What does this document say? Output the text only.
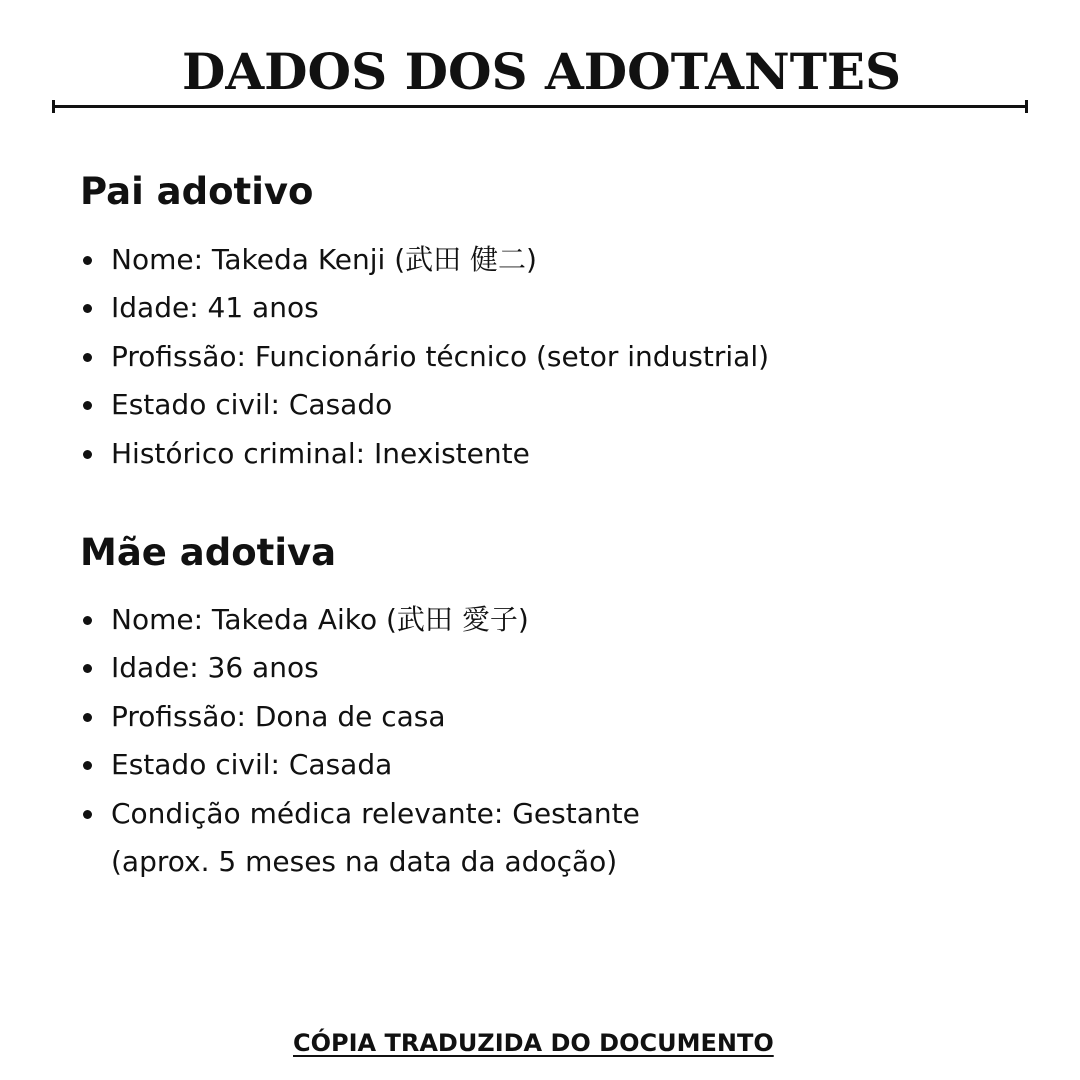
DADOS DOS ADOTANTES
Pai adotivo
Nome: Takeda Kenji (武田 健二)
Idade: 41 anos
Profissão: Funcionário técnico (setor industrial)
Estado civil: Casado
Histórico criminal: Inexistente
Mãe adotiva
Nome: Takeda Aiko (武田 愛子)
Idade: 36 anos
Profissão: Dona de casa
Estado civil: Casada
Condição médica relevante: Gestante
(aprox. 5 meses na data da adoção)
CÓPIA TRADUZIDA DO DOCUMENTO
